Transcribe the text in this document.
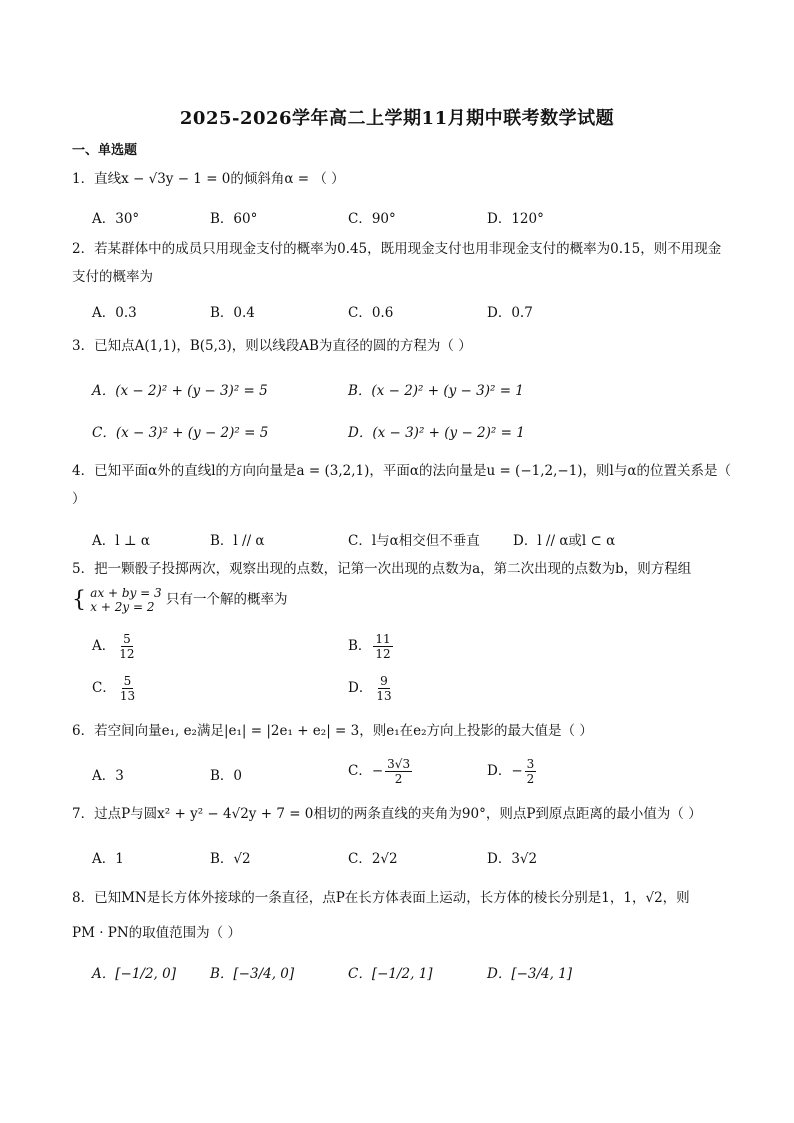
2025-2026学年高二上学期11月期中联考数学试题
一、单选题
1．直线x − √3y − 1 = 0的倾斜角α = （ ）
A．30°	B．60°	C．90°	D．120°
2．若某群体中的成员只用现金支付的概率为0.45，既用现金支付也用非现金支付的概率为0.15，则不用现金支付的概率为
A．0.3	B．0.4	C．0.6	D．0.7
3．已知点A(1,1)，B(5,3)，则以线段AB为直径的圆的方程为（ ）
A．(x − 2)² + (y − 3)² = 5	B．(x − 2)² + (y − 3)² = 1
C．(x − 3)² + (y − 2)² = 5	D．(x − 3)² + (y − 2)² = 1
4．已知平面α外的直线l的方向向量是a = (3,2,1)，平面α的法向量是u = (−1,2,−1)，则l与α的位置关系是（ ）
A．l ⊥ α	B．l // α	C．l与α相交但不垂直 D．l // α或l ⊂ α
5．把一颗骰子投掷两次，观察出现的点数，记第一次出现的点数为a，第二次出现的点数为b，则方程组
{ ax + by = 3
x + 2y = 2 只有一个解的概率为
A． $\frac{5}{12}$	B． $\frac{11}{12}$
C． $\frac{5}{13}$	D． $\frac{9}{13}$
6．若空间向量e₁, e₂满足|e₁| = |2e₁ + e₂| = 3，则e₁在e₂方向上投影的最大值是（ ）
A．3	B．0	C．− $\frac{3√3}{2}$	D．− $\frac{3}{2}$
7．过点P与圆x² + y² − 4√2y + 7 = 0相切的两条直线的夹角为90°，则点P到原点距离的最小值为（ ）
A．1	B．√2	C．2√2	D．3√2
8．已知MN是长方体外接球的一条直径，点P在长方体表面上运动，长方体的棱长分别是1，1，√2，则
PM · PN的取值范围为（ ）
A．[−1/2, 0]	B．[−3/4, 0]	C．[−1/2, 1]	D．[−3/4, 1]
